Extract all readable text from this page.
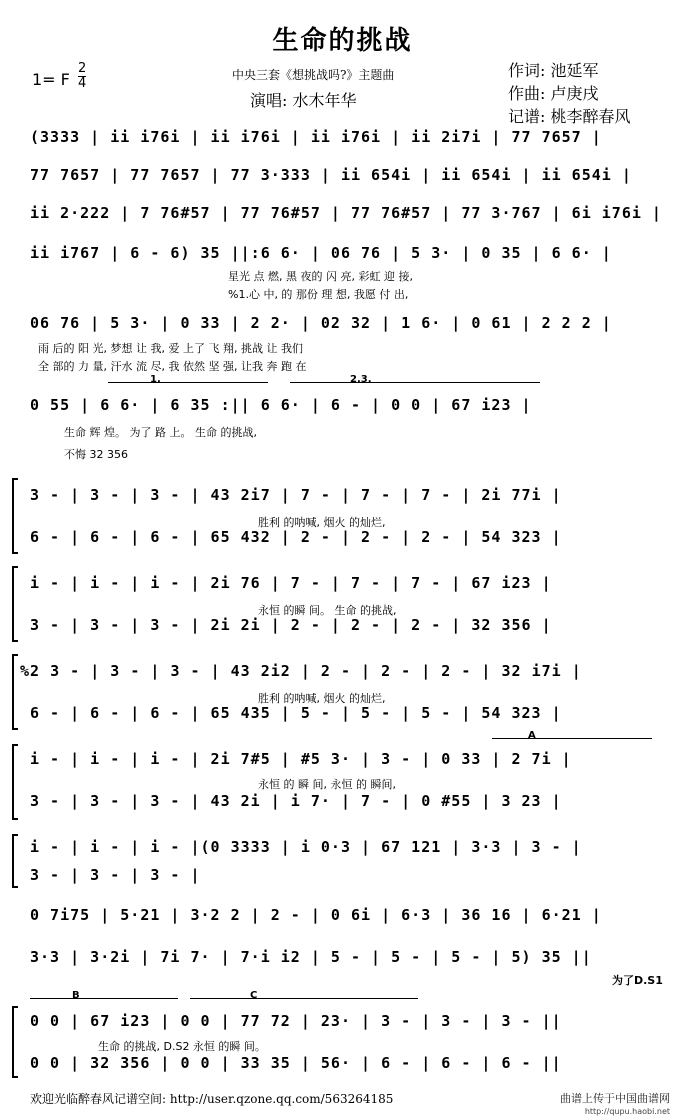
生命的挑战
1= F
2
4
中央三套《想挑战吗?》主题曲
演唱: 水木年华
作词: 池延军
作曲: 卢庚戌
记谱: 桃李醉春风
(3333 | ii i76i | ii i76i | ii i76i | ii 2i7i | 77 7657 |
77 7657 | 77 7657 | 77 3·333 | ii 654i | ii 654i | ii 654i |
ii 2·222 | 7 76#57 | 77 76#57 | 77 76#57 | 77 3·767 | 6i i76i |
ii i767 | 6 - 6) 35 ||:6 6· | 06 76 | 5 3· | 0 35 | 6 6· |
星光 点 燃, 黑 夜的 闪 亮, 彩虹 迎 接,
%1.心 中, 的 那份 理 想, 我愿 付 出,
06 76 | 5 3· | 0 33 | 2 2· | 02 32 | 1 6· | 0 61 | 2 2 2 |
雨 后的 阳 光, 梦想 让 我, 爱 上了 飞 翔, 挑战 让 我们
全 部的 力 量, 汗水 流 尽, 我 依然 坚 强, 让我 奔 跑 在
1.	2.3.
0 55 | 6 6· | 6 35 :|| 6 6· | 6 - | 0 0 | 67 i23 |
生命 辉 煌。 为了 路 上。 生命 的挑战,
不悔 32 356
3 - | 3 - | 3 - | 43 2i7 | 7 - | 7 - | 7 - | 2i 77i |
胜利 的呐喊, 烟火 的灿烂,
6 - | 6 - | 6 - | 65 432 | 2 - | 2 - | 2 - | 54 323 |
i - | i - | i - | 2i 76 | 7 - | 7 - | 7 - | 67 i23 |
永恒 的瞬 间。 生命 的挑战,
3 - | 3 - | 3 - | 2i 2i | 2 - | 2 - | 2 - | 32 356 |
%2 3 - | 3 - | 3 - | 43 2i2 | 2 - | 2 - | 2 - | 32 i7i |
胜利 的呐喊, 烟火 的灿烂,
6 - | 6 - | 6 - | 65 435 | 5 - | 5 - | 5 - | 54 323 |
A
i - | i - | i - | 2i 7#5 | #5 3· | 3 - | 0 33 | 2 7i |
永恒 的 瞬 间, 永恒 的 瞬间,
3 - | 3 - | 3 - | 43 2i | i 7· | 7 - | 0 #55 | 3 23 |
i - | i - | i - |(0 3333 | i 0·3 | 67 121 | 3·3 | 3 - |
3 - | 3 - | 3 - |
0 7i75 | 5·21 | 3·2 2 | 2 - | 0 6i | 6·3 | 36 16 | 6·21 |
3·3 | 3·2i | 7i 7· | 7·i i2 | 5 - | 5 - | 5 - | 5) 35 ||
为了D.S1
B	C
0 0 | 67 i23 | 0 0 | 77 72 | 23· | 3 - | 3 - | 3 - ||
生命 的挑战, D.S2 永恒 的瞬 间。
0 0 | 32 356 | 0 0 | 33 35 | 56· | 6 - | 6 - | 6 - ||
欢迎光临醉春风记谱空间: http://user.qzone.qq.com/563264185	曲谱上传于中国曲谱网
http://qupu.haobi.net
